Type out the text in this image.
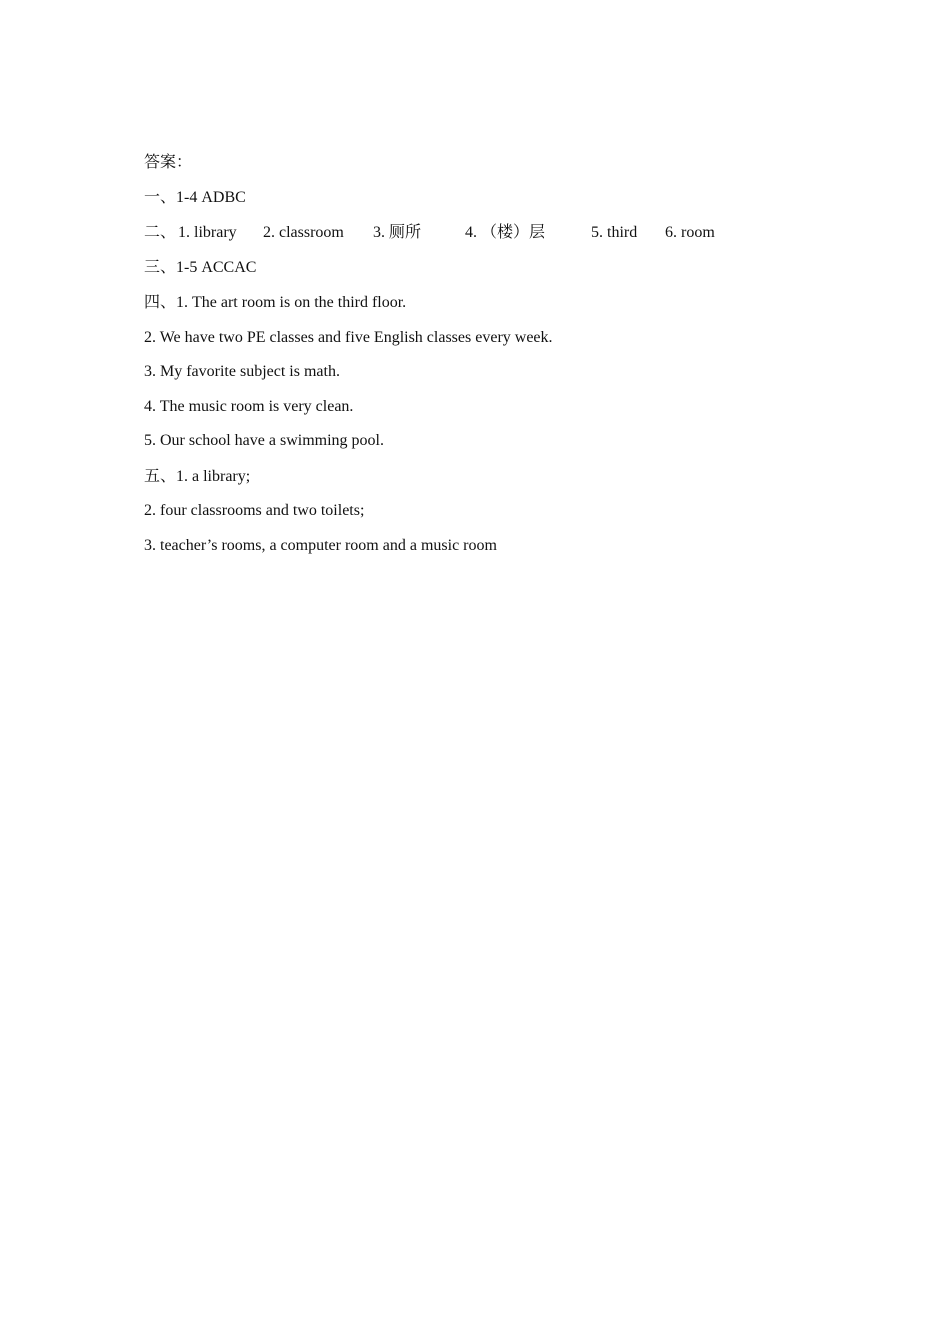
答案：
一、1-4 ADBC
二、 1. library 2. classroom 3. 厕所	4. （楼）层	5. third 6. room
三、1-5 ACCAC
四、1. The art room is on the third floor.
2. We have two PE classes and five English classes every week.
3. My favorite subject is math.
4. The music room is very clean.
5. Our school have a swimming pool.
五、1. a library;
2. four classrooms and two toilets;
3. teacher’s rooms, a computer room and a music room
